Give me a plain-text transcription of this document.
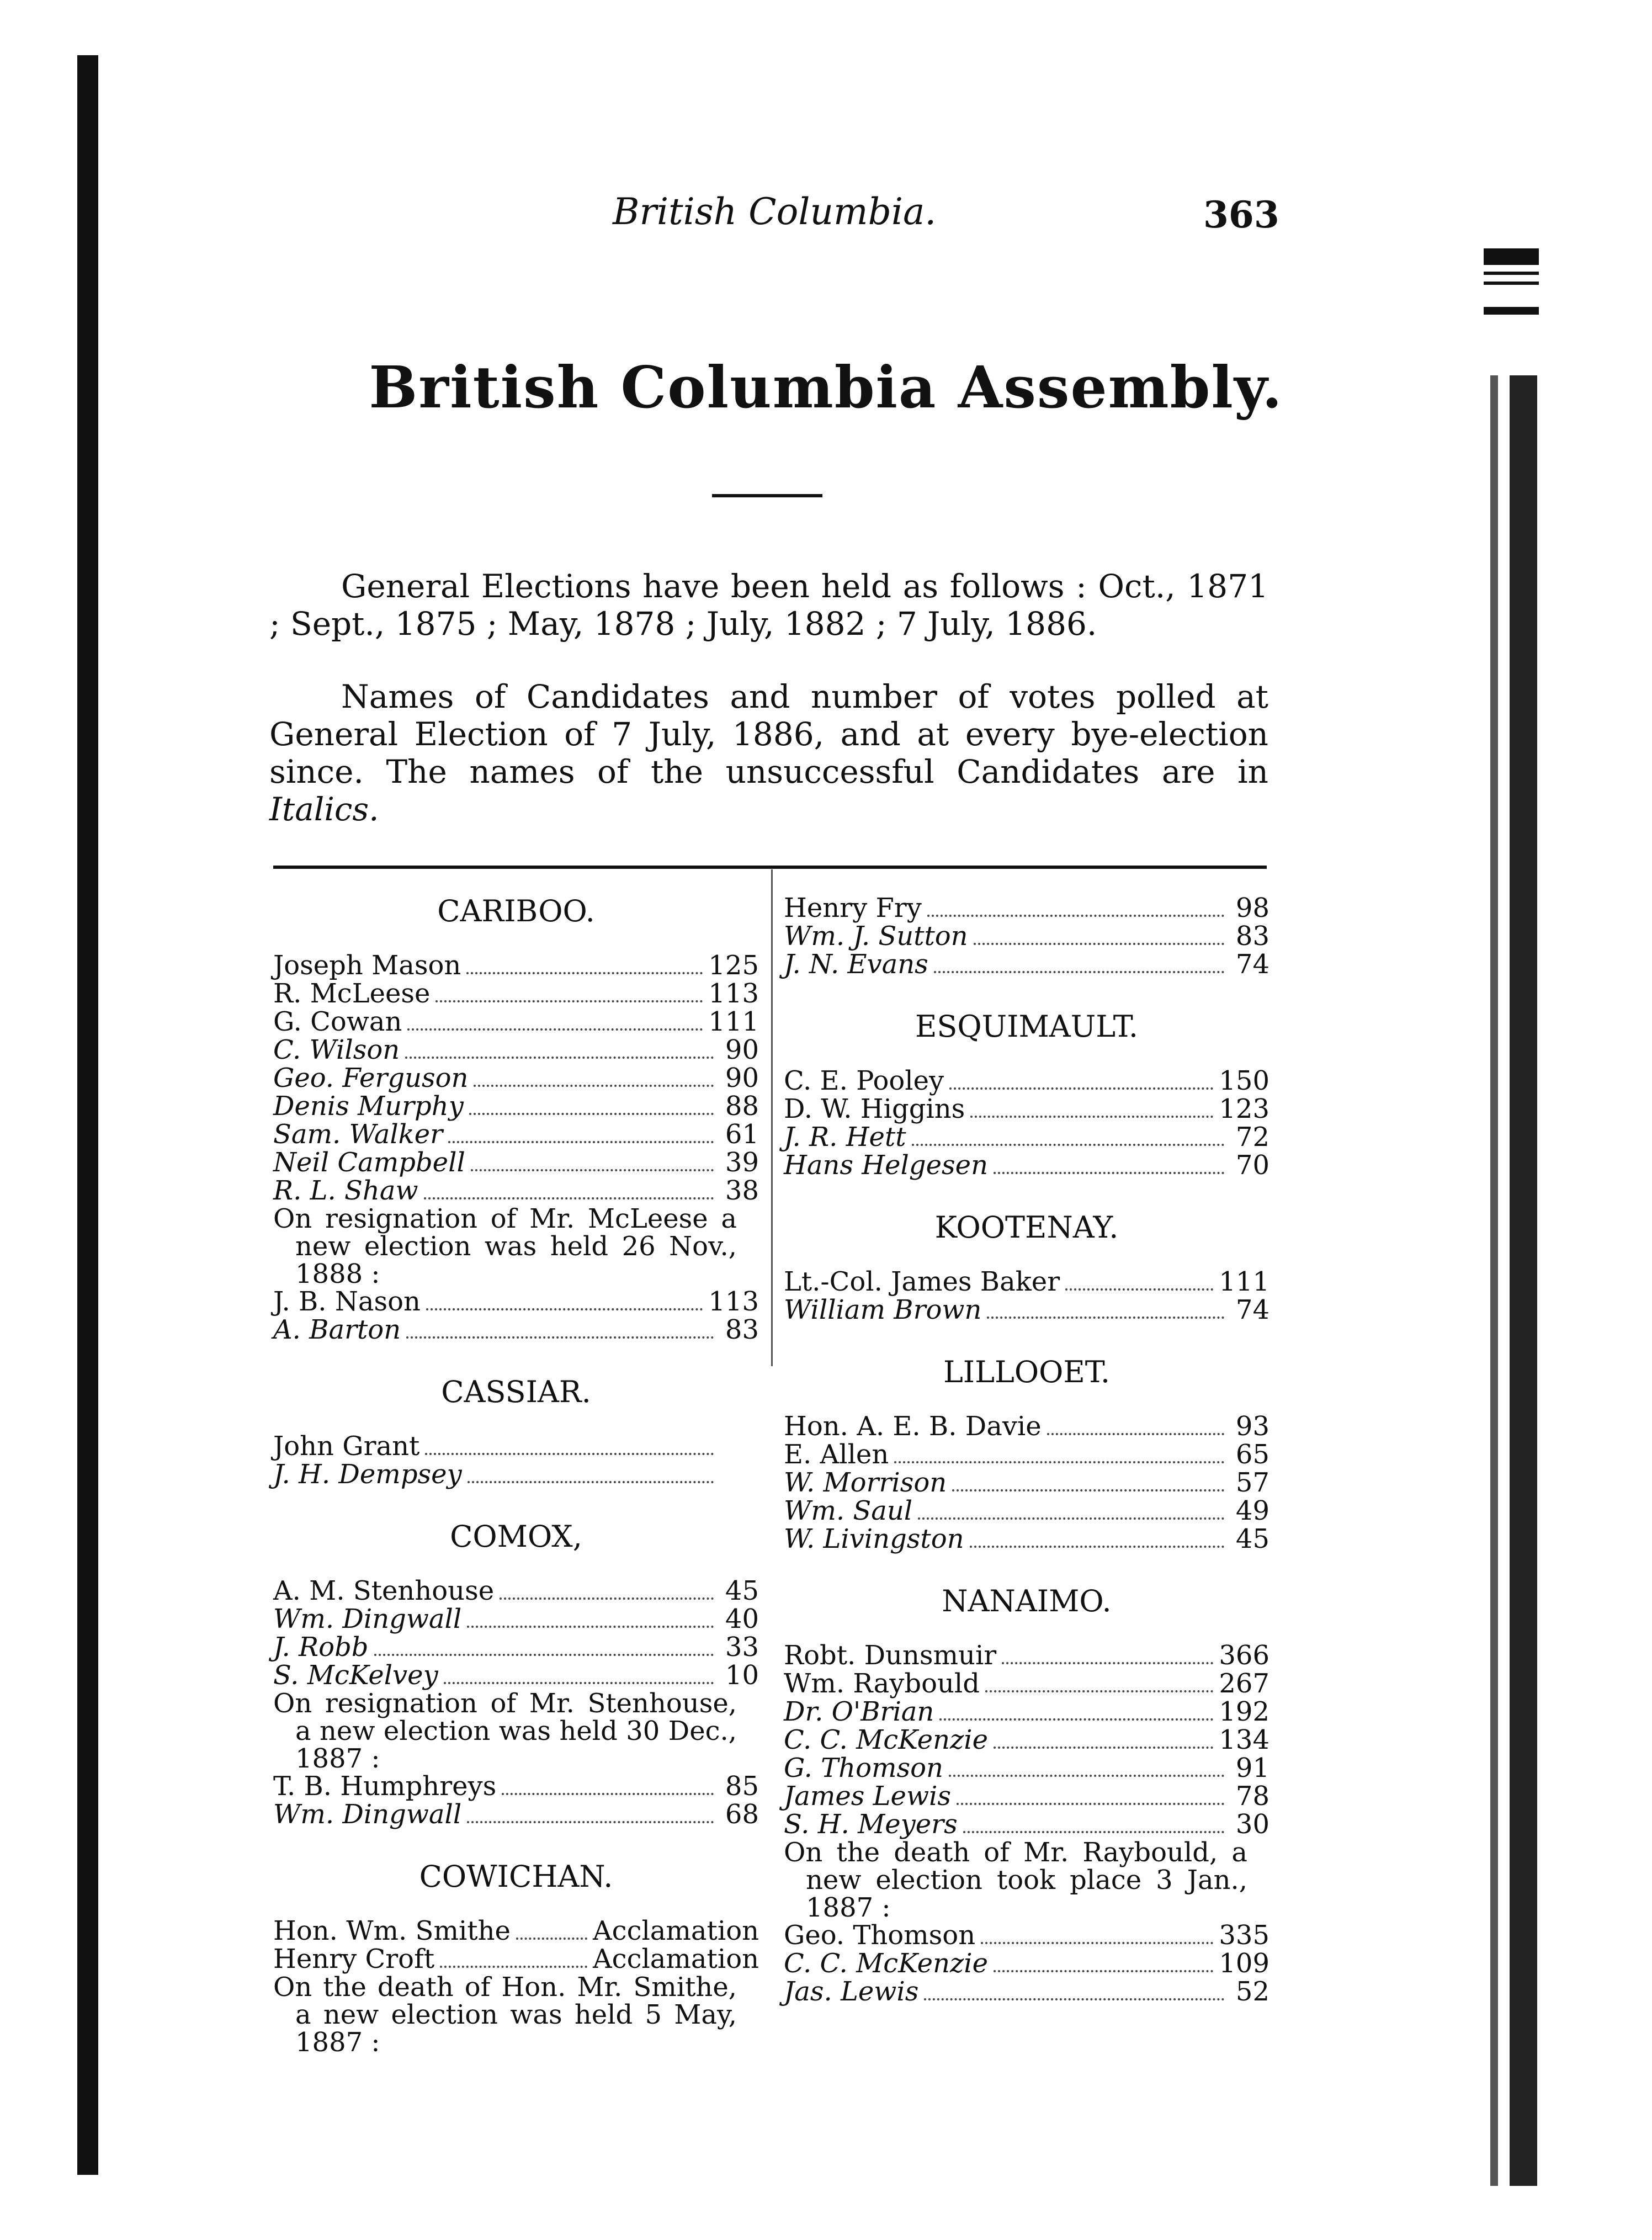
British Columbia.	363
British Columbia Assembly.
General Elections have been held as follows : Oct., 1871 ; Sept., 1875 ; May, 1878 ; July, 1882 ; 7 July, 1886.
Names of Candidates and number of votes polled at General Election of 7 July, 1886, and at every bye-election since. The names of the unsuccessful Candidates are in Italics.
CARIBOO.
Joseph Mason	125
R. McLeese	113
G. Cowan	111
C. Wilson	90
Geo. Ferguson	90
Denis Murphy	88
Sam. Walker	61
Neil Campbell	39
R. L. Shaw	38
On resignation of Mr. McLeese a new election was held 26 Nov., 1888 :
J. B. Nason	113
A. Barton	83
CASSIAR.
John Grant
J. H. Dempsey
COMOX,
A. M. Stenhouse	45
Wm. Dingwall	40
J. Robb	33
S. McKelvey	10
On resignation of Mr. Stenhouse, a new election was held 30 Dec., 1887 :
T. B. Humphreys	85
Wm. Dingwall	68
COWICHAN.
Hon. Wm. Smithe	Acclamation
Henry Croft	Acclamation
On the death of Hon. Mr. Smithe, a new election was held 5 May, 1887 :
Henry Fry	98
Wm. J. Sutton	83
J. N. Evans	74
ESQUIMAULT.
C. E. Pooley	150
D. W. Higgins	123
J. R. Hett	72
Hans Helgesen	70
KOOTENAY.
Lt.-Col. James Baker	111
William Brown	74
LILLOOET.
Hon. A. E. B. Davie	93
E. Allen	65
W. Morrison	57
Wm. Saul	49
W. Livingston	45
NANAIMO.
Robt. Dunsmuir	366
Wm. Raybould	267
Dr. O'Brian	192
C. C. McKenzie	134
G. Thomson	91
James Lewis	78
S. H. Meyers	30
On the death of Mr. Raybould, a new election took place 3 Jan., 1887 :
Geo. Thomson	335
C. C. McKenzie	109
Jas. Lewis	52
